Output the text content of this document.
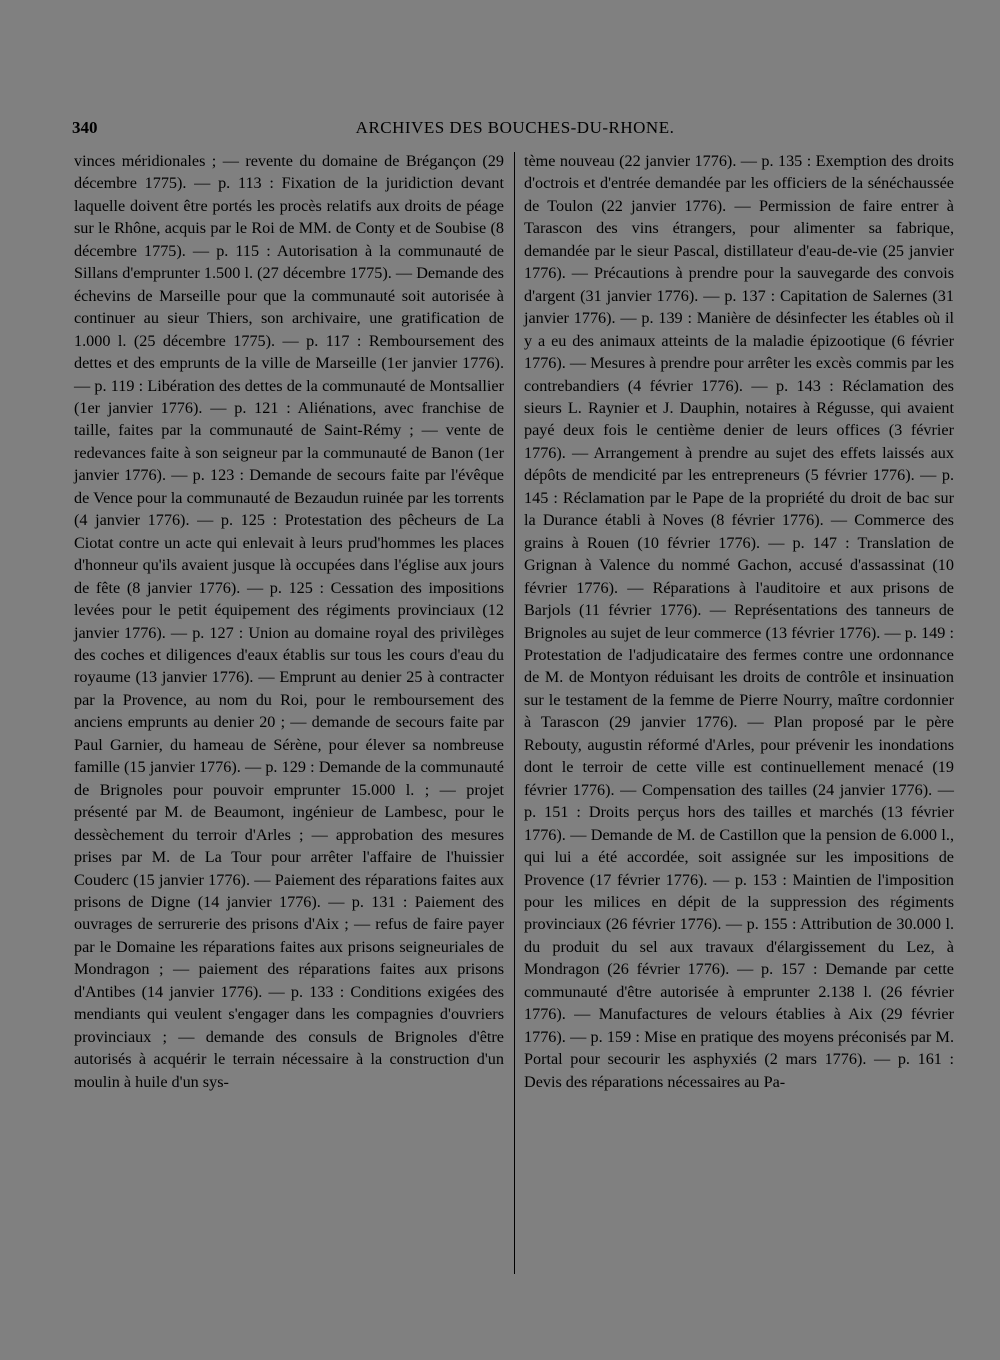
340	ARCHIVES DES BOUCHES-DU-RHONE.

vinces méridionales ; — revente du domaine de Brégançon (29 décembre 1775). — p. 113 : Fixation de la juridiction devant laquelle doivent être portés les procès relatifs aux droits de péage sur le Rhône, acquis par le Roi de MM. de Conty et de Soubise (8 décembre 1775). — p. 115 : Autorisation à la communauté de Sillans d'emprunter 1.500 l. (27 décembre 1775). — Demande des échevins de Marseille pour que la communauté soit autorisée à continuer au sieur Thiers, son archivaire, une gratification de 1.000 l. (25 décembre 1775). — p. 117 : Remboursement des dettes et des emprunts de la ville de Marseille (1er janvier 1776). — p. 119 : Libération des dettes de la communauté de Montsallier (1er janvier 1776). — p. 121 : Aliénations, avec franchise de taille, faites par la communauté de Saint-Rémy ; — vente de redevances faite à son seigneur par la communauté de Banon (1er janvier 1776). — p. 123 : Demande de secours faite par l'évêque de Vence pour la communauté de Bezaudun ruinée par les torrents (4 janvier 1776). — p. 125 : Protestation des pêcheurs de La Ciotat contre un acte qui enlevait à leurs prud'hommes les places d'honneur qu'ils avaient jusque là occupées dans l'église aux jours de fête (8 janvier 1776). — p. 125 : Cessation des impositions levées pour le petit équipement des régiments provinciaux (12 janvier 1776). — p. 127 : Union au domaine royal des privilèges des coches et diligences d'eaux établis sur tous les cours d'eau du royaume (13 janvier 1776). — Emprunt au denier 25 à contracter par la Provence, au nom du Roi, pour le remboursement des anciens emprunts au denier 20 ; — demande de secours faite par Paul Garnier, du hameau de Sérène, pour élever sa nombreuse famille (15 janvier 1776). — p. 129 : Demande de la communauté de Brignoles pour pouvoir emprunter 15.000 l. ; — projet présenté par M. de Beaumont, ingénieur de Lambesc, pour le dessèchement du terroir d'Arles ; — approbation des mesures prises par M. de La Tour pour arrêter l'affaire de l'huissier Couderc (15 janvier 1776). — Paiement des réparations faites aux prisons de Digne (14 janvier 1776). — p. 131 : Paiement des ouvrages de serrurerie des prisons d'Aix ; — refus de faire payer par le Domaine les réparations faites aux prisons seigneuriales de Mondragon ; — paiement des réparations faites aux prisons d'Antibes (14 janvier 1776). — p. 133 : Conditions exigées des mendiants qui veulent s'engager dans les compagnies d'ouvriers provinciaux ; — demande des consuls de Brignoles d'être autorisés à acquérir le terrain nécessaire à la construction d'un moulin à huile d'un sys-

tème nouveau (22 janvier 1776). — p. 135 : Exemption des droits d'octrois et d'entrée demandée par les officiers de la sénéchaussée de Toulon (22 janvier 1776). — Permission de faire entrer à Tarascon des vins étrangers, pour alimenter sa fabrique, demandée par le sieur Pascal, distillateur d'eau-de-vie (25 janvier 1776). — Précautions à prendre pour la sauvegarde des convois d'argent (31 janvier 1776). — p. 137 : Capitation de Salernes (31 janvier 1776). — p. 139 : Manière de désinfecter les étables où il y a eu des animaux atteints de la maladie épizootique (6 février 1776). — Mesures à prendre pour arrêter les excès commis par les contrebandiers (4 février 1776). — p. 143 : Réclamation des sieurs L. Raynier et J. Dauphin, notaires à Régusse, qui avaient payé deux fois le centième denier de leurs offices (3 février 1776). — Arrangement à prendre au sujet des effets laissés aux dépôts de mendicité par les entrepreneurs (5 février 1776). — p. 145 : Réclamation par le Pape de la propriété du droit de bac sur la Durance établi à Noves (8 février 1776). — Commerce des grains à Rouen (10 février 1776). — p. 147 : Translation de Grignan à Valence du nommé Gachon, accusé d'assassinat (10 février 1776). — Réparations à l'auditoire et aux prisons de Barjols (11 février 1776). — Représentations des tanneurs de Brignoles au sujet de leur commerce (13 février 1776). — p. 149 : Protestation de l'adjudicataire des fermes contre une ordonnance de M. de Montyon réduisant les droits de contrôle et insinuation sur le testament de la femme de Pierre Nourry, maître cordonnier à Tarascon (29 janvier 1776). — Plan proposé par le père Rebouty, augustin réformé d'Arles, pour prévenir les inondations dont le terroir de cette ville est continuellement menacé (19 février 1776). — Compensation des tailles (24 janvier 1776). — p. 151 : Droits perçus hors des tailles et marchés (13 février 1776). — Demande de M. de Castillon que la pension de 6.000 l., qui lui a été accordée, soit assignée sur les impositions de Provence (17 février 1776). — p. 153 : Maintien de l'imposition pour les milices en dépit de la suppression des régiments provinciaux (26 février 1776). — p. 155 : Attribution de 30.000 l. du produit du sel aux travaux d'élargissement du Lez, à Mondragon (26 février 1776). — p. 157 : Demande par cette communauté d'être autorisée à emprunter 2.138 l. (26 février 1776). — Manufactures de velours établies à Aix (29 février 1776). — p. 159 : Mise en pratique des moyens préconisés par M. Portal pour secourir les asphyxiés (2 mars 1776). — p. 161 : Devis des réparations nécessaires au Pa-
